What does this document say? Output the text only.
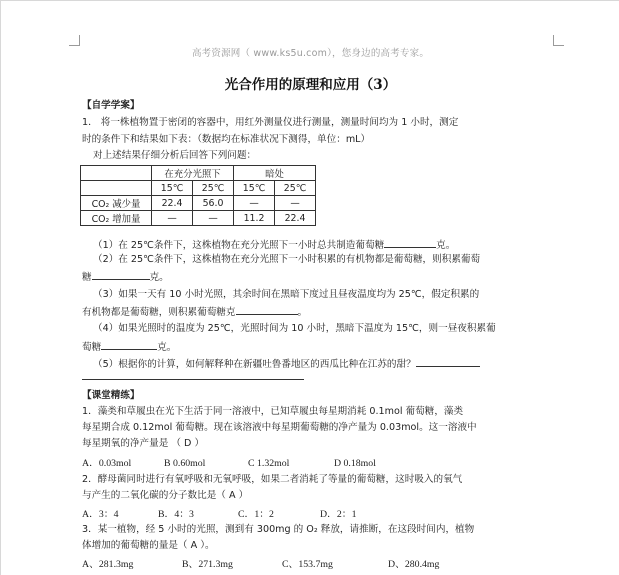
高考资源网（ www.ks5u.com），您身边的高考专家。
光合作用的原理和应用（3）
【自学学案】
1． 将一株植物置于密闭的容器中，用红外测量仪进行测量，测量时间均为 1 小时，测定
时的条件下和结果如下表：（数据均在标准状况下测得，单位：mL）
对上述结果仔细分析后回答下列问题：
	在充分光照下		暗处	
	15℃	25℃	15℃	25℃
CO₂ 减少量	22.4	56.0	—	—
CO₂ 增加量	—	—	11.2	22.4
（1）在 25℃条件下，这株植物在充分光照下一小时总共制造葡萄糖	克。
（2）在 25℃条件下，这株植物在充分光照下一小时积累的有机物都是葡萄糖，则积累葡萄
糖	克。
（3）如果一天有 10 小时光照，其余时间在黑暗下度过且昼夜温度均为 25℃，假定积累的
有机物都是葡萄糖，则积累葡萄糖克	。
（4）如果光照时的温度为 25℃，光照时间为 10 小时，黑暗下温度为 15℃，则一昼夜积累葡
萄糖	克。
（5）根据你的计算，如何解释种在新疆吐鲁番地区的西瓜比种在江苏的甜？
【课堂精练】
1．藻类和草履虫在光下生活于同一溶液中，已知草履虫每星期消耗 0.1mol 葡萄糖，藻类
每星期合成 0.12mol 葡萄糖。现在该溶液中每星期葡萄糖的净产量为 0.03mol。这一溶液中
每星期氧的净产量是 （ D ）
A．0.03mol	B 0.60mol	C 1.32mol	D 0.18mol
2．酵母菌同时进行有氧呼吸和无氧呼吸，如果二者消耗了等量的葡萄糖，这时吸入的氧气
与产生的二氧化碳的分子数比是（ A ）
A．3：4	B．4：3	C．1：2	D．2：1
3．某一植物，经 5 小时的光照，测到有 300mg 的 O₂ 释放，请推断，在这段时间内，植物
体增加的葡萄糖的量是（ A ）。
A、281.3mg	B、271.3mg	C、153.7mg	D、280.4mg
